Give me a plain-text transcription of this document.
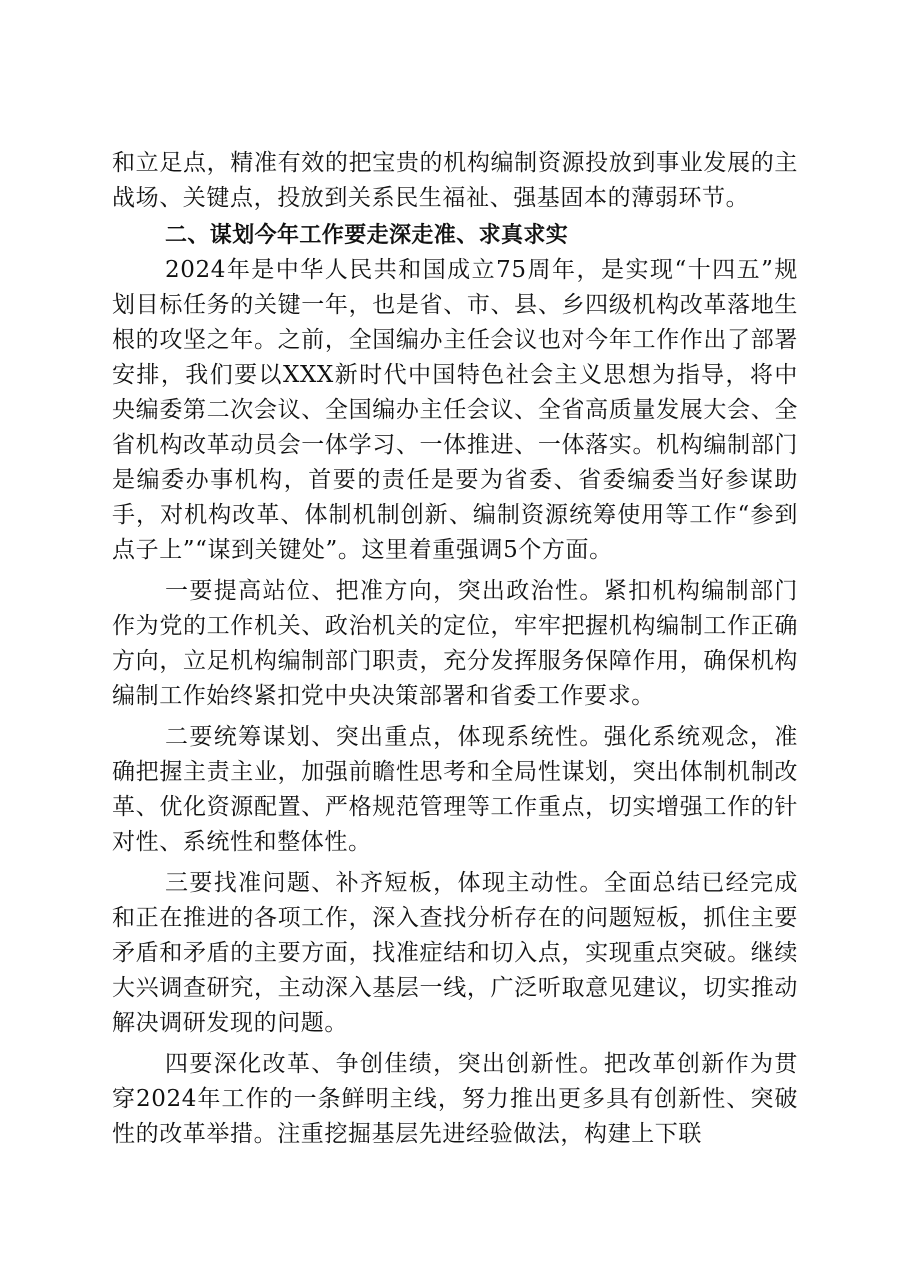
和立足点，精准有效的把宝贵的机构编制资源投放到事业发展的主战场、关键点，投放到关系民生福祉、强基固本的薄弱环节。

二、谋划今年工作要走深走准、求真求实

2024年是中华人民共和国成立75周年，是实现“十四五”规划目标任务的关键一年，也是省、市、县、乡四级机构改革落地生根的攻坚之年。之前，全国编办主任会议也对今年工作作出了部署安排，我们要以XXX新时代中国特色社会主义思想为指导，将中央编委第二次会议、全国编办主任会议、全省高质量发展大会、全省机构改革动员会一体学习、一体推进、一体落实。机构编制部门是编委办事机构，首要的责任是要为省委、省委编委当好参谋助手，对机构改革、体制机制创新、编制资源统筹使用等工作“参到点子上”“谋到关键处”。这里着重强调5个方面。

一要提高站位、把准方向，突出政治性。紧扣机构编制部门作为党的工作机关、政治机关的定位，牢牢把握机构编制工作正确方向，立足机构编制部门职责，充分发挥服务保障作用，确保机构编制工作始终紧扣党中央决策部署和省委工作要求。

二要统筹谋划、突出重点，体现系统性。强化系统观念，准确把握主责主业，加强前瞻性思考和全局性谋划，突出体制机制改革、优化资源配置、严格规范管理等工作重点，切实增强工作的针对性、系统性和整体性。

三要找准问题、补齐短板，体现主动性。全面总结已经完成和正在推进的各项工作，深入查找分析存在的问题短板，抓住主要矛盾和矛盾的主要方面，找准症结和切入点，实现重点突破。继续大兴调查研究，主动深入基层一线，广泛听取意见建议，切实推动解决调研发现的问题。

四要深化改革、争创佳绩，突出创新性。把改革创新作为贯穿2024年工作的一条鲜明主线，努力推出更多具有创新性、突破性的改革举措。注重挖掘基层先进经验做法，构建上下联
